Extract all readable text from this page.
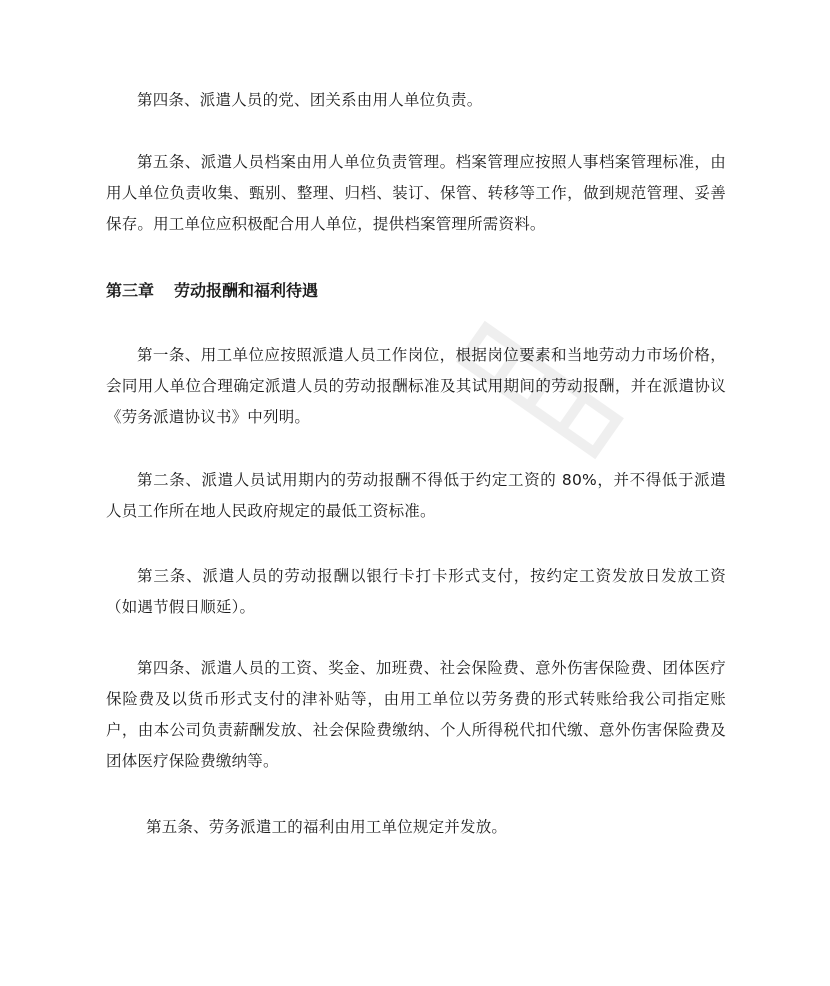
第四条、派遣人员的党、团关系由用人单位负责。

第五条、派遣人员档案由用人单位负责管理。档案管理应按照人事档案管理标准，由用人单位负责收集、甄别、整理、归档、装订、保管、转移等工作，做到规范管理、妥善保存。用工单位应积极配合用人单位，提供档案管理所需资料。

第三章 劳动报酬和福利待遇

第一条、用工单位应按照派遣人员工作岗位，根据岗位要素和当地劳动力市场价格，会同用人单位合理确定派遣人员的劳动报酬标准及其试用期间的劳动报酬，并在派遣协议《劳务派遣协议书》中列明。

第二条、派遣人员试用期内的劳动报酬不得低于约定工资的 80%，并不得低于派遣人员工作所在地人民政府规定的最低工资标准。

第三条、派遣人员的劳动报酬以银行卡打卡形式支付，按约定工资发放日发放工资（如遇节假日顺延）。

第四条、派遣人员的工资、奖金、加班费、社会保险费、意外伤害保险费、团体医疗保险费及以货币形式支付的津补贴等，由用工单位以劳务费的形式转账给我公司指定账户，由本公司负责薪酬发放、社会保险费缴纳、个人所得税代扣代缴、意外伤害保险费及团体医疗保险费缴纳等。

第五条、劳务派遣工的福利由用工单位规定并发放。
